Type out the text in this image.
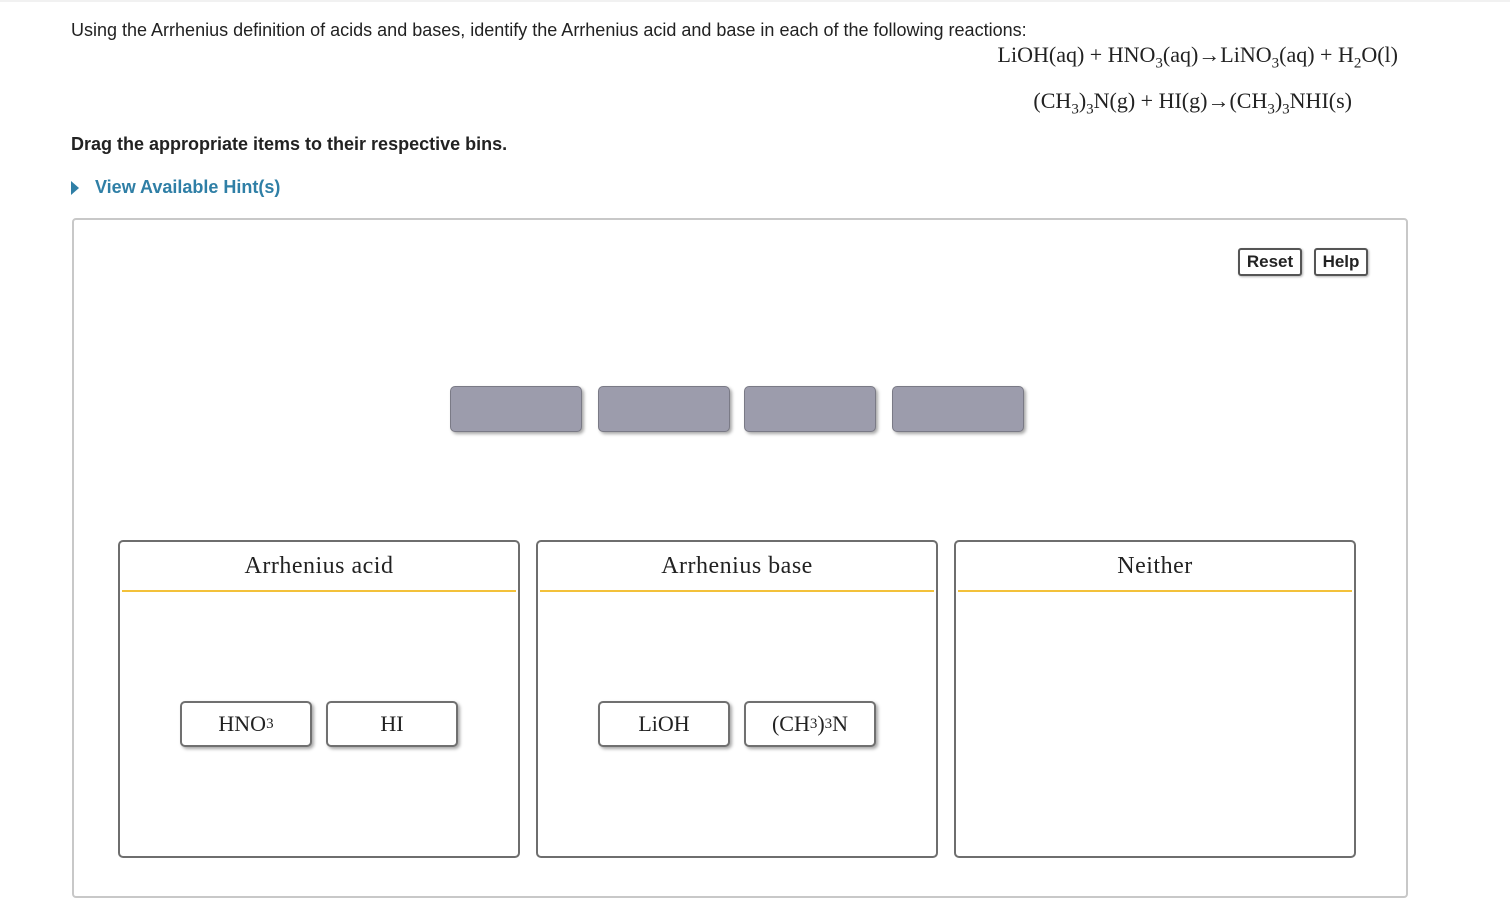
Using the Arrhenius definition of acids and bases, identify the Arrhenius acid and base in each of the following reactions:
LiOH(aq) + $HNO_3(aq)\to LiNO_3(aq) + H_2O(l)$
$(CH_3)_3N(g) + HI(g)\to(CH_3)_3NHI(s)$
Drag the appropriate items to their respective bins.
View Available Hint(s)
Reset	Help
Arrhenius acid	Arrhenius base	Neither
HNO 3	HI	LiOH	(CH 3 ) 3 N
